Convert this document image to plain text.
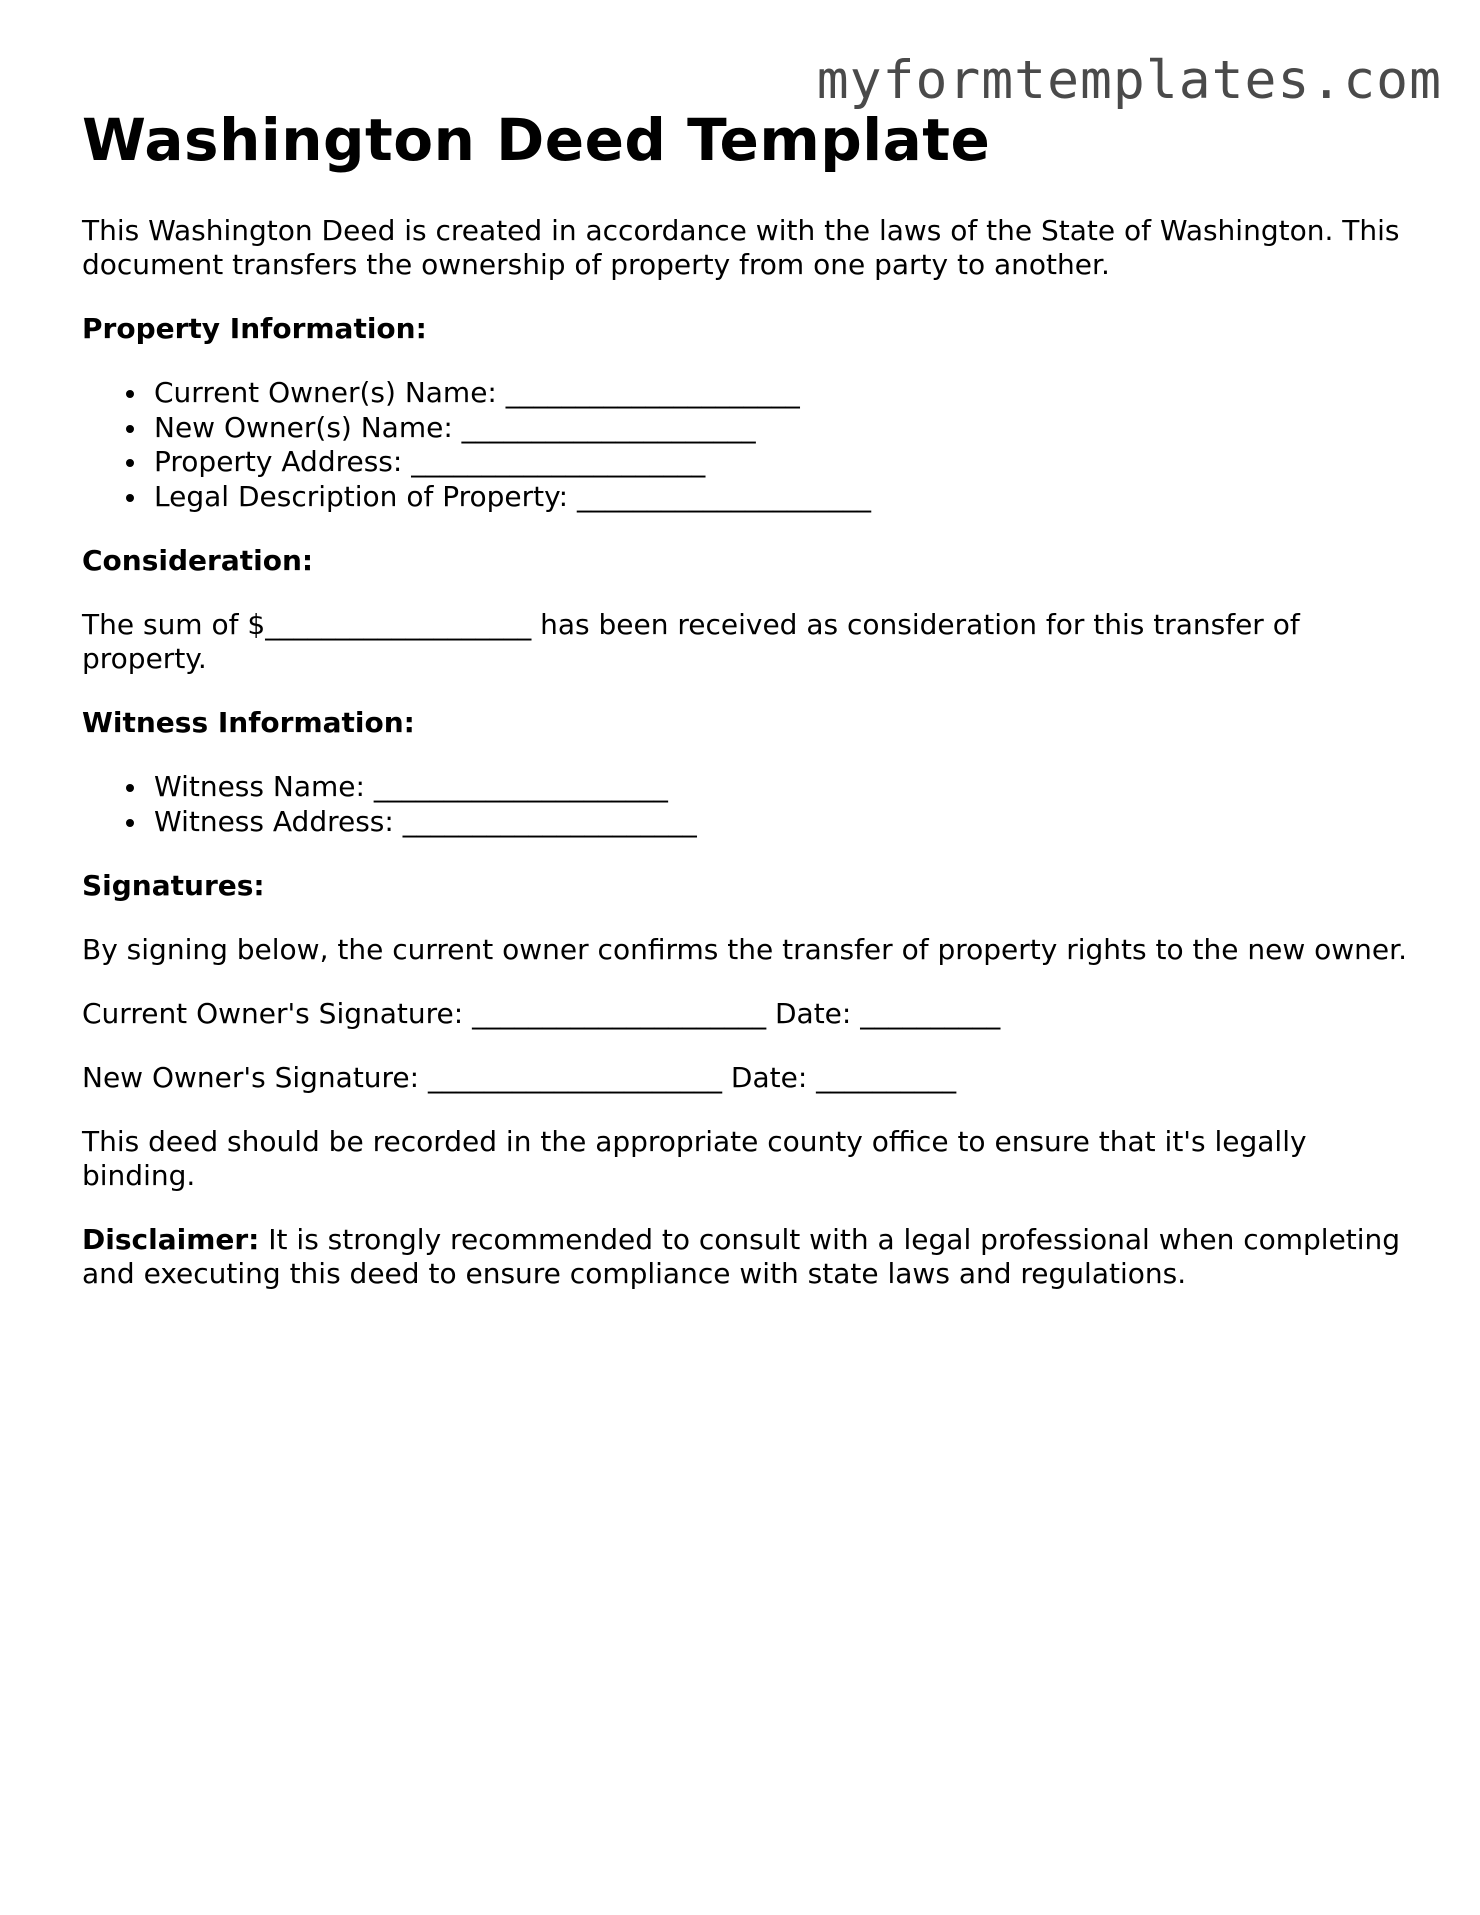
myformtemplates.com
Washington Deed Template

This Washington Deed is created in accordance with the laws of the State of Washington. This document transfers the ownership of property from one party to another.

Property Information:
Current Owner(s) Name: _____________________
New Owner(s) Name: _____________________
Property Address: _____________________
Legal Description of Property: _____________________
Consideration:

The sum of $___________________ has been received as consideration for this transfer of property.

Witness Information:
Witness Name: _____________________
Witness Address: _____________________
Signatures:

By signing below, the current owner confirms the transfer of property rights to the new owner.

Current Owner's Signature: _____________________ Date: __________

New Owner's Signature: _____________________ Date: __________

This deed should be recorded in the appropriate county office to ensure that it's legally binding.

Disclaimer: It is strongly recommended to consult with a legal professional when completing and executing this deed to ensure compliance with state laws and regulations.
